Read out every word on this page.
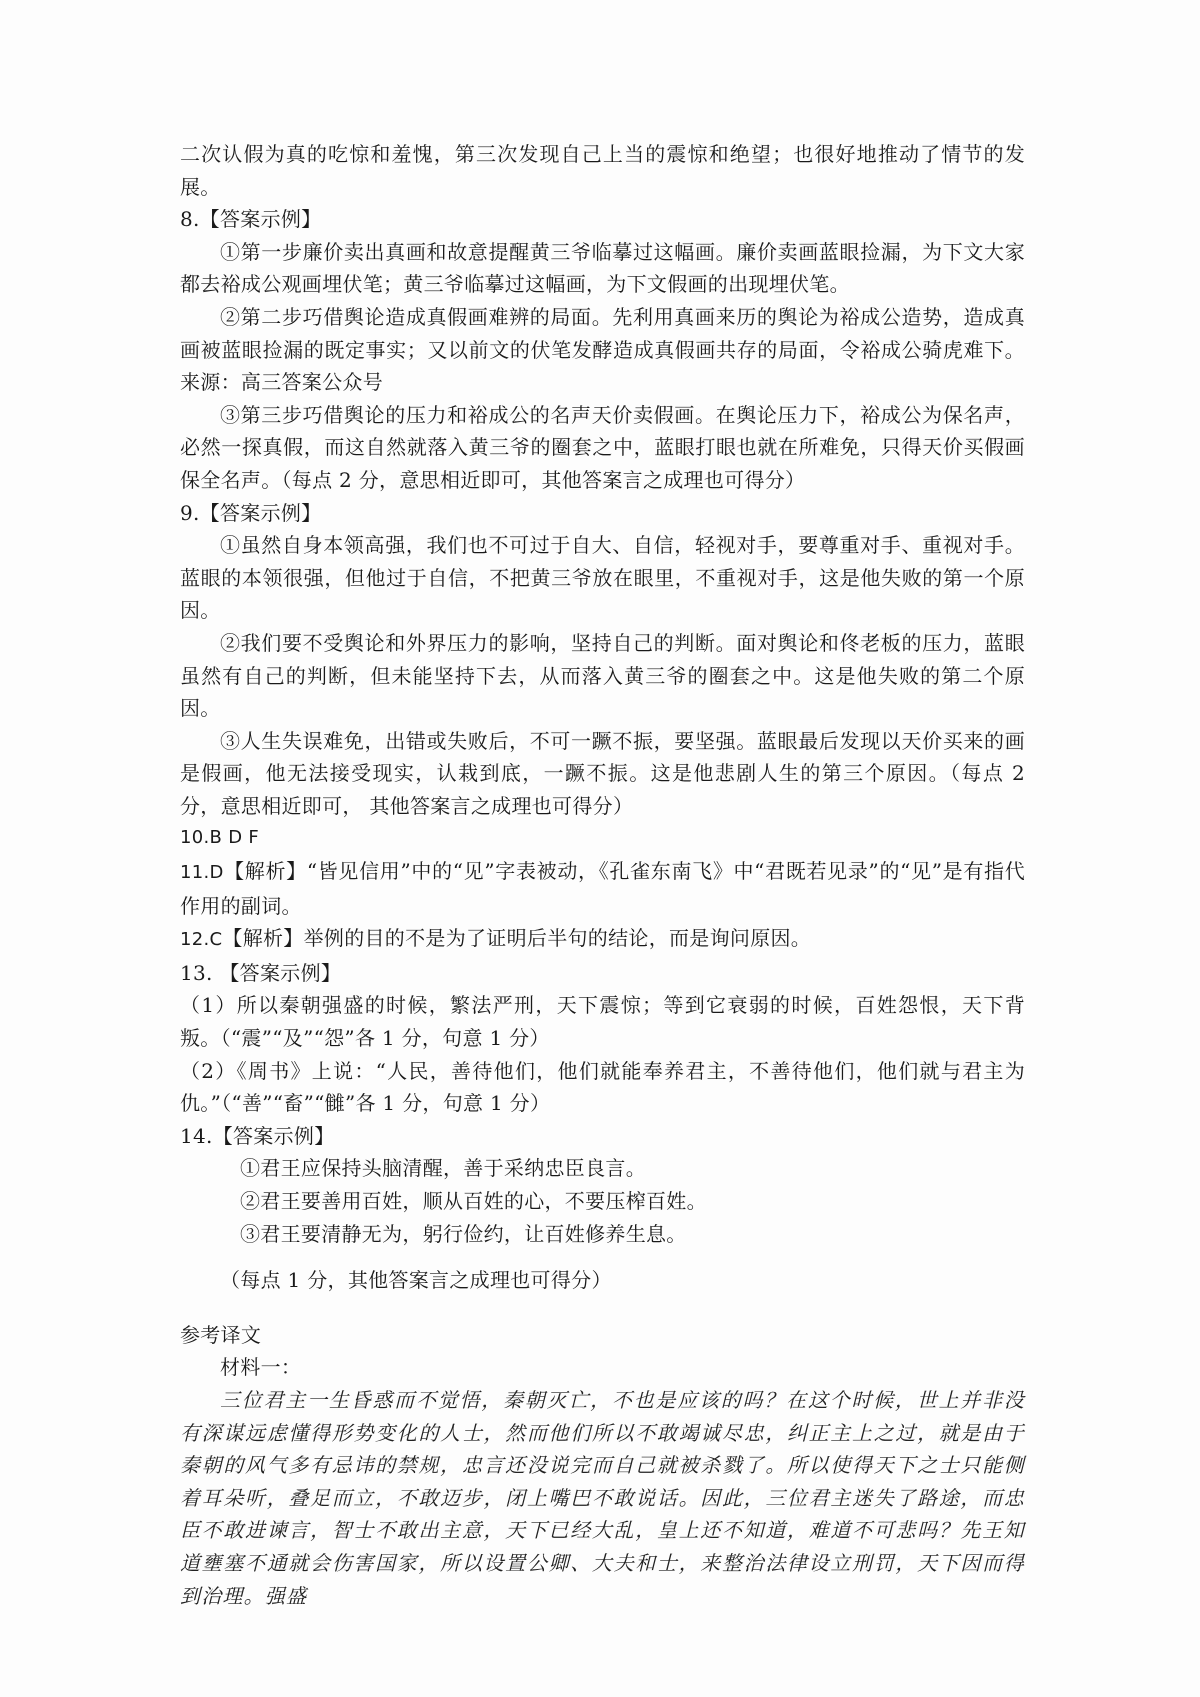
二次认假为真的吃惊和羞愧，第三次发现自己上当的震惊和绝望；也很好地推动了情节的发展。

8.【答案示例】

①第一步廉价卖出真画和故意提醒黄三爷临摹过这幅画。廉价卖画蓝眼捡漏，为下文大家都去裕成公观画埋伏笔；黄三爷临摹过这幅画，为下文假画的出现埋伏笔。

②第二步巧借舆论造成真假画难辨的局面。先利用真画来历的舆论为裕成公造势，造成真画被蓝眼捡漏的既定事实；又以前文的伏笔发酵造成真假画共存的局面，令裕成公骑虎难下。来源：高三答案公众号

③第三步巧借舆论的压力和裕成公的名声天价卖假画。在舆论压力下，裕成公为保名声，必然一探真假，而这自然就落入黄三爷的圈套之中，蓝眼打眼也就在所难免，只得天价买假画保全名声。（每点 2 分，意思相近即可，其他答案言之成理也可得分）

9.【答案示例】

①虽然自身本领高强，我们也不可过于自大、自信，轻视对手，要尊重对手、重视对手。蓝眼的本领很强，但他过于自信，不把黄三爷放在眼里，不重视对手，这是他失败的第一个原因。

②我们要不受舆论和外界压力的影响，坚持自己的判断。面对舆论和佟老板的压力，蓝眼虽然有自己的判断，但未能坚持下去，从而落入黄三爷的圈套之中。这是他失败的第二个原因。

③人生失误难免，出错或失败后，不可一蹶不振，要坚强。蓝眼最后发现以天价买来的画是假画，他无法接受现实，认栽到底，一蹶不振。这是他悲剧人生的第三个原因。（每点 2 分，意思相近即可， 其他答案言之成理也可得分）

10.B D F

11.D【解析】“皆见信用”中的“见”字表被动，《孔雀东南飞》中“君既若见录”的“见”是有指代作用的副词。

12.C【解析】举例的目的不是为了证明后半句的结论，而是询问原因。

13. 【答案示例】

（1）所以秦朝强盛的时候，繁法严刑，天下震惊；等到它衰弱的时候，百姓怨恨，天下背叛。（“震”“及”“怨”各 1 分，句意 1 分）

（2）《周书》上说：“人民，善待他们，他们就能奉养君主，不善待他们，他们就与君主为仇。”（“善”“畜”“雠”各 1 分，句意 1 分）

14.【答案示例】

①君王应保持头脑清醒，善于采纳忠臣良言。

②君王要善用百姓，顺从百姓的心，不要压榨百姓。

③君王要清静无为，躬行俭约，让百姓修养生息。

（每点 1 分，其他答案言之成理也可得分）

参考译文

材料一：

三位君主一生昏惑而不觉悟，秦朝灭亡，不也是应该的吗？在这个时候，世上并非没有深谋远虑懂得形势变化的人士，然而他们所以不敢竭诚尽忠，纠正主上之过，就是由于秦朝的风气多有忌讳的禁规，忠言还没说完而自己就被杀戮了。所以使得天下之士只能侧着耳朵听，叠足而立，不敢迈步，闭上嘴巴不敢说话。因此，三位君主迷失了路途，而忠臣不敢进谏言，智士不敢出主意，天下已经大乱，皇上还不知道，难道不可悲吗？先王知道壅塞不通就会伤害国家，所以设置公卿、大夫和士，来整治法律设立刑罚，天下因而得到治理。强盛
